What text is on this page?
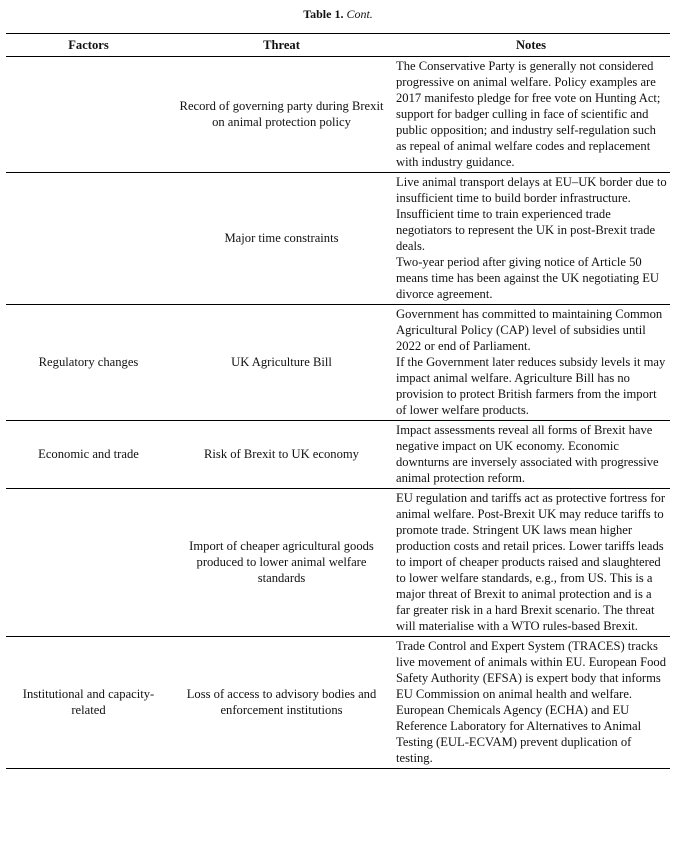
Table 1. Cont.
Factors	Threat	Notes
	Record of governing party during Brexit on animal protection policy	The Conservative Party is generally not considered progressive on animal welfare. Policy examples are 2017 manifesto pledge for free vote on Hunting Act; support for badger culling in face of scientific and public opposition; and industry self-regulation such as repeal of animal welfare codes and replacement with industry guidance.

	Major time constraints	Live animal transport delays at EU–UK border due to insufficient time to build border infrastructure.
Insufficient time to train experienced trade negotiators to represent the UK in post-Brexit trade deals.
Two-year period after giving notice of Article 50 means time has been against the UK negotiating EU divorce agreement.

Regulatory changes	UK Agriculture Bill	Government has committed to maintaining Common Agricultural Policy (CAP) level of subsidies until 2022 or end of Parliament.
If the Government later reduces subsidy levels it may impact animal welfare. Agriculture Bill has no provision to protect British farmers from the import of lower welfare products.

Economic and trade	Risk of Brexit to UK economy	Impact assessments reveal all forms of Brexit have negative impact on UK economy. Economic downturns are inversely associated with progressive animal protection reform.

	Import of cheaper agricultural goods produced to lower animal welfare standards	EU regulation and tariffs act as protective fortress for animal welfare. Post-Brexit UK may reduce tariffs to promote trade. Stringent UK laws mean higher production costs and retail prices. Lower tariffs leads to import of cheaper products raised and slaughtered to lower welfare standards, e.g., from US. This is a major threat of Brexit to animal protection and is a far greater risk in a hard Brexit scenario. The threat will materialise with a WTO rules-based Brexit.

Institutional and capacity-related	Loss of access to advisory bodies and enforcement institutions	Trade Control and Expert System (TRACES) tracks live movement of animals within EU. European Food Safety Authority (EFSA) is expert body that informs EU Commission on animal health and welfare. European Chemicals Agency (ECHA) and EU Reference Laboratory for Alternatives to Animal Testing (EUL-ECVAM) prevent duplication of testing.
